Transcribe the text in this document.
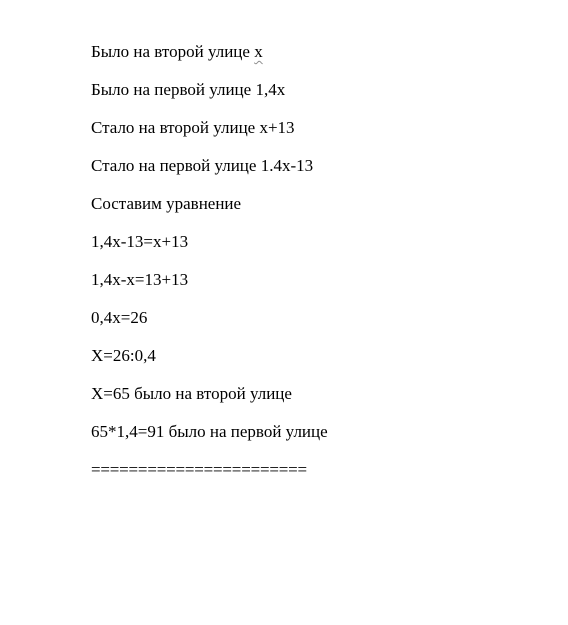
Было на второй улице х

Было на первой улице 1,4х

Стало на второй улице х+13

Стало на первой улице 1.4х-13

Составим уравнение

1,4х-13=х+13

1,4х-х=13+13

0,4х=26

Х=26:0,4

Х=65 было на второй улице

65*1,4=91 было на первой улице

=======================
